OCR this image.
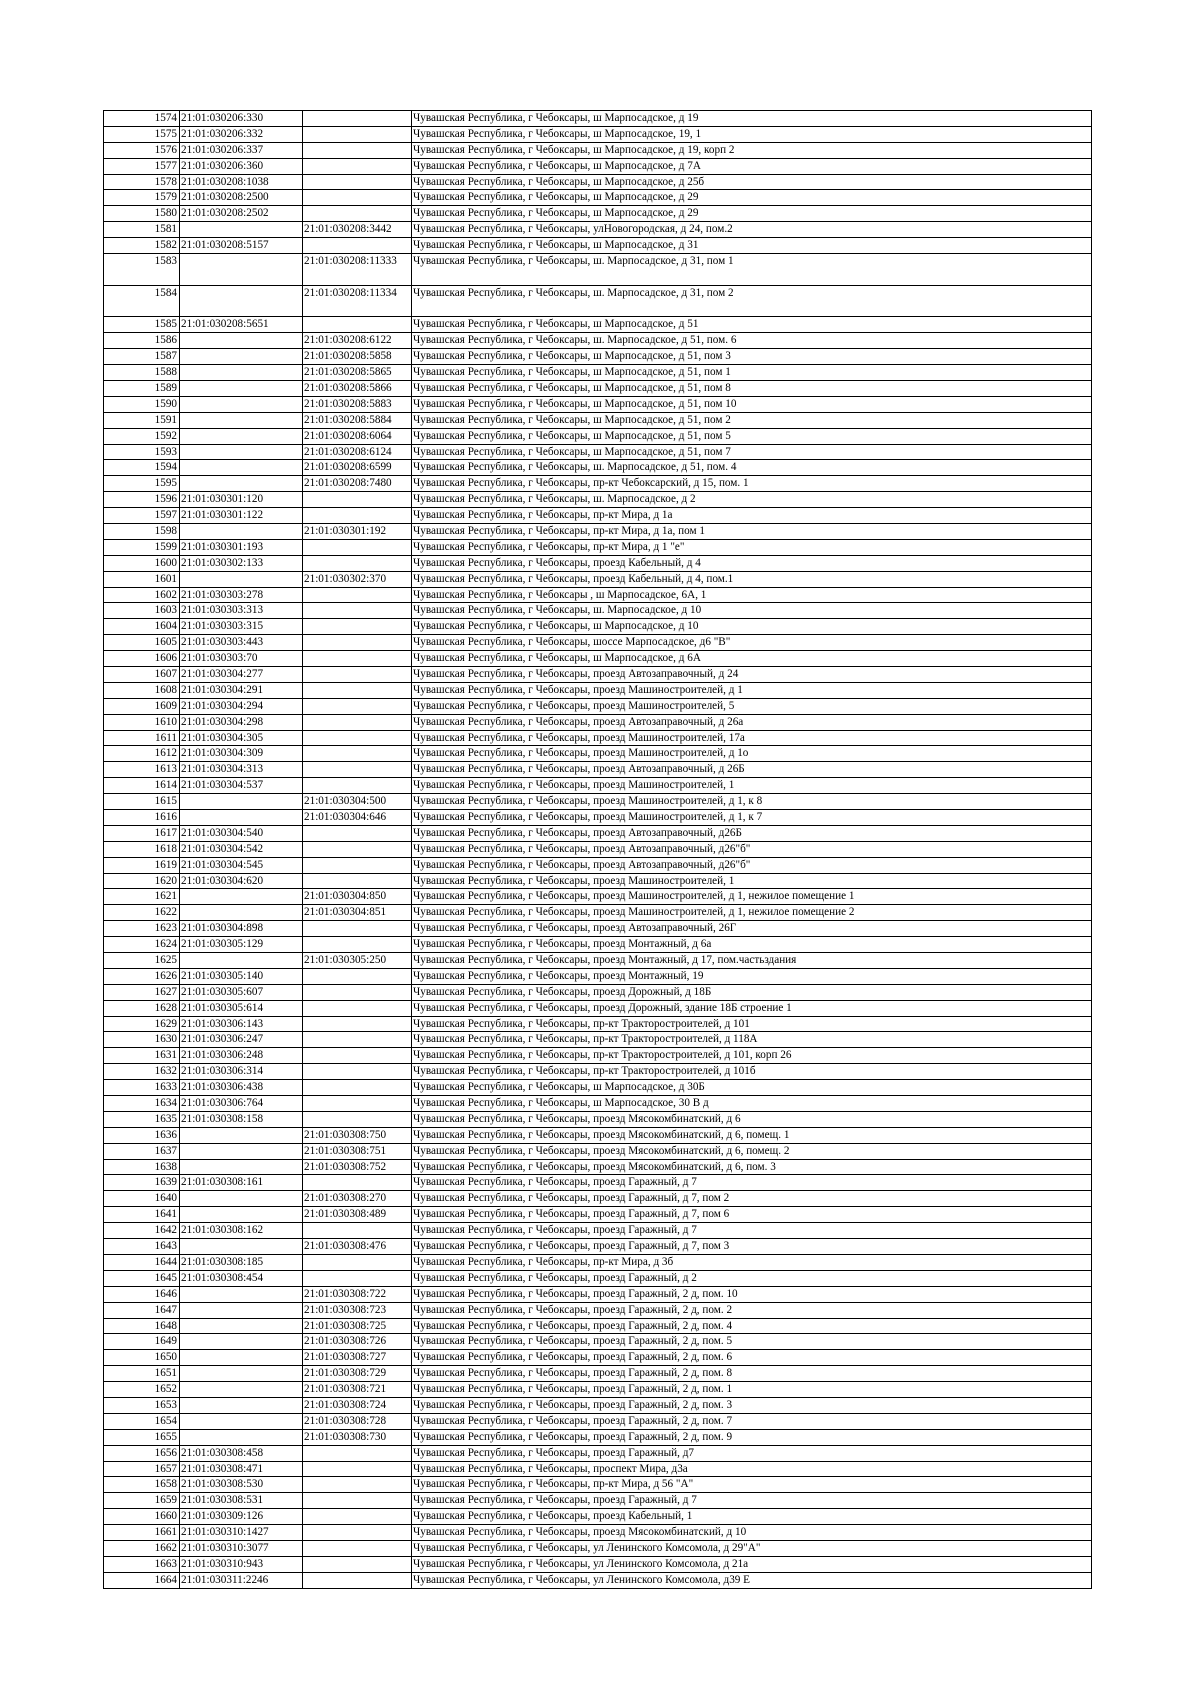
1574	21:01:030206:330		Чувашская Республика, г Чебоксары, ш Марпосадское, д 19
1575	21:01:030206:332		Чувашская Республика, г Чебоксары, ш Марпосадское, 19, 1
1576	21:01:030206:337		Чувашская Республика, г Чебоксары, ш Марпосадское, д 19, корп 2
1577	21:01:030206:360		Чувашская Республика, г Чебоксары, ш Марпосадское, д 7А
1578	21:01:030208:1038		Чувашская Республика, г Чебоксары, ш Марпосадское, д 25б
1579	21:01:030208:2500		Чувашская Республика, г Чебоксары, ш Марпосадское, д 29
1580	21:01:030208:2502		Чувашская Республика, г Чебоксары, ш Марпосадское, д 29
1581		21:01:030208:3442	Чувашская Республика, г Чебоксары, улНовогородская, д 24, пом.2
1582	21:01:030208:5157		Чувашская Республика, г Чебоксары, ш Марпосадское, д 31
1583		21:01:030208:11333	Чувашская Республика, г Чебоксары, ш. Марпосадское, д 31, пом 1
1584		21:01:030208:11334	Чувашская Республика, г Чебоксары, ш. Марпосадское, д 31, пом 2
1585	21:01:030208:5651		Чувашская Республика, г Чебоксары, ш Марпосадское, д 51
1586		21:01:030208:6122	Чувашская Республика, г Чебоксары, ш. Марпосадское, д 51, пом. 6
1587		21:01:030208:5858	Чувашская Республика, г Чебоксары, ш Марпосадское, д 51, пом 3
1588		21:01:030208:5865	Чувашская Республика, г Чебоксары, ш Марпосадское, д 51, пом 1
1589		21:01:030208:5866	Чувашская Республика, г Чебоксары, ш Марпосадское, д 51, пом 8
1590		21:01:030208:5883	Чувашская Республика, г Чебоксары, ш Марпосадское, д 51, пом 10
1591		21:01:030208:5884	Чувашская Республика, г Чебоксары, ш Марпосадское, д 51, пом 2
1592		21:01:030208:6064	Чувашская Республика, г Чебоксары, ш Марпосадское, д 51, пом 5
1593		21:01:030208:6124	Чувашская Республика, г Чебоксары, ш Марпосадское, д 51, пом 7
1594		21:01:030208:6599	Чувашская Республика, г Чебоксары, ш. Марпосадское, д 51, пом. 4
1595		21:01:030208:7480	Чувашская Республика, г Чебоксары, пр-кт Чебоксарский, д 15, пом. 1
1596	21:01:030301:120		Чувашская Республика, г Чебоксары, ш. Марпосадское, д 2
1597	21:01:030301:122		Чувашская Республика, г Чебоксары, пр-кт Мира, д 1а
1598		21:01:030301:192	Чувашская Республика, г Чебоксары, пр-кт Мира, д 1а, пом 1
1599	21:01:030301:193		Чувашская Республика, г Чебоксары, пр-кт Мира, д 1 "е"
1600	21:01:030302:133		Чувашская Республика, г Чебоксары, проезд Кабельный, д 4
1601		21:01:030302:370	Чувашская Республика, г Чебоксары, проезд Кабельный, д 4, пом.1
1602	21:01:030303:278		Чувашская Республика, г Чебоксары , ш Марпосадское, 6А, 1
1603	21:01:030303:313		Чувашская Республика, г Чебоксары, ш. Марпосадское, д 10
1604	21:01:030303:315		Чувашская Республика, г Чебоксары, ш Марпосадское, д 10
1605	21:01:030303:443		Чувашская Республика, г Чебоксары, шоссе Марпосадское, д6 "В"
1606	21:01:030303:70		Чувашская Республика, г Чебоксары, ш Марпосадское, д 6А
1607	21:01:030304:277		Чувашская Республика, г Чебоксары, проезд Автозаправочный, д 24
1608	21:01:030304:291		Чувашская Республика, г Чебоксары, проезд Машиностроителей, д 1
1609	21:01:030304:294		Чувашская Республика, г Чебоксары, проезд Машиностроителей, 5
1610	21:01:030304:298		Чувашская Республика, г Чебоксары, проезд Автозаправочный, д 26а
1611	21:01:030304:305		Чувашская Республика, г Чебоксары, проезд Машиностроителей, 17а
1612	21:01:030304:309		Чувашская Республика, г Чебоксары, проезд Машиностроителей, д 1о
1613	21:01:030304:313		Чувашская Республика, г Чебоксары, проезд Автозаправочный, д 26Б
1614	21:01:030304:537		Чувашская Республика, г Чебоксары, проезд Машиностроителей, 1
1615		21:01:030304:500	Чувашская Республика, г Чебоксары, проезд Машиностроителей, д 1, к 8
1616		21:01:030304:646	Чувашская Республика, г Чебоксары, проезд Машиностроителей, д 1, к 7
1617	21:01:030304:540		Чувашская Республика, г Чебоксары, проезд Автозаправочный, д26Б
1618	21:01:030304:542		Чувашская Республика, г Чебоксары, проезд Автозаправочный, д26"б"
1619	21:01:030304:545		Чувашская Республика, г Чебоксары, проезд Автозаправочный, д26"б"
1620	21:01:030304:620		Чувашская Республика, г Чебоксары, проезд Машиностроителей, 1
1621		21:01:030304:850	Чувашская Республика, г Чебоксары, проезд Машиностроителей, д 1, нежилое помещение 1
1622		21:01:030304:851	Чувашская Республика, г Чебоксары, проезд Машиностроителей, д 1, нежилое помещение 2
1623	21:01:030304:898		Чувашская Республика, г Чебоксары, проезд Автозаправочный, 26Г
1624	21:01:030305:129		Чувашская Республика, г Чебоксары, проезд Монтажный, д 6а
1625		21:01:030305:250	Чувашская Республика, г Чебоксары, проезд Монтажный, д 17, пом.частьздания
1626	21:01:030305:140		Чувашская Республика, г Чебоксары, проезд Монтажный, 19
1627	21:01:030305:607		Чувашская Республика, г Чебоксары, проезд Дорожный, д 18Б
1628	21:01:030305:614		Чувашская Республика, г Чебоксары, проезд Дорожный, здание 18Б строение 1
1629	21:01:030306:143		Чувашская Республика, г Чебоксары, пр-кт Тракторостроителей, д 101
1630	21:01:030306:247		Чувашская Республика, г Чебоксары, пр-кт Тракторостроителей, д 118А
1631	21:01:030306:248		Чувашская Республика, г Чебоксары, пр-кт Тракторостроителей, д 101, корп 26
1632	21:01:030306:314		Чувашская Республика, г Чебоксары, пр-кт Тракторостроителей, д 101б
1633	21:01:030306:438		Чувашская Республика, г Чебоксары, ш Марпосадское, д 30Б
1634	21:01:030306:764		Чувашская Республика, г Чебоксары, ш Марпосадское, 30 В д
1635	21:01:030308:158		Чувашская Республика, г Чебоксары, проезд Мясокомбинатский, д 6
1636		21:01:030308:750	Чувашская Республика, г Чебоксары, проезд Мясокомбинатский, д 6, помещ. 1
1637		21:01:030308:751	Чувашская Республика, г Чебоксары, проезд Мясокомбинатский, д 6, помещ. 2
1638		21:01:030308:752	Чувашская Республика, г Чебоксары, проезд Мясокомбинатский, д 6, пом. 3
1639	21:01:030308:161		Чувашская Республика, г Чебоксары, проезд Гаражный, д 7
1640		21:01:030308:270	Чувашская Республика, г Чебоксары, проезд Гаражный, д 7, пом 2
1641		21:01:030308:489	Чувашская Республика, г Чебоксары, проезд Гаражный, д 7, пом 6
1642	21:01:030308:162		Чувашская Республика, г Чебоксары, проезд Гаражный, д 7
1643		21:01:030308:476	Чувашская Республика, г Чебоксары, проезд Гаражный, д 7, пом 3
1644	21:01:030308:185		Чувашская Республика, г Чебоксары, пр-кт Мира, д 3б
1645	21:01:030308:454		Чувашская Республика, г Чебоксары, проезд Гаражный, д 2
1646		21:01:030308:722	Чувашская Республика, г Чебоксары, проезд Гаражный, 2 д, пом. 10
1647		21:01:030308:723	Чувашская Республика, г Чебоксары, проезд Гаражный, 2 д, пом. 2
1648		21:01:030308:725	Чувашская Республика, г Чебоксары, проезд Гаражный, 2 д, пом. 4
1649		21:01:030308:726	Чувашская Республика, г Чебоксары, проезд Гаражный, 2 д, пом. 5
1650		21:01:030308:727	Чувашская Республика, г Чебоксары, проезд Гаражный, 2 д, пом. 6
1651		21:01:030308:729	Чувашская Республика, г Чебоксары, проезд Гаражный, 2 д, пом. 8
1652		21:01:030308:721	Чувашская Республика, г Чебоксары, проезд Гаражный, 2 д, пом. 1
1653		21:01:030308:724	Чувашская Республика, г Чебоксары, проезд Гаражный, 2 д, пом. 3
1654		21:01:030308:728	Чувашская Республика, г Чебоксары, проезд Гаражный, 2 д, пом. 7
1655		21:01:030308:730	Чувашская Республика, г Чебоксары, проезд Гаражный, 2 д, пом. 9
1656	21:01:030308:458		Чувашская Республика, г Чебоксары, проезд Гаражный, д7
1657	21:01:030308:471		Чувашская Республика, г Чебоксары, проспект Мира, д3а
1658	21:01:030308:530		Чувашская Республика, г Чебоксары, пр-кт Мира, д 56 "А"
1659	21:01:030308:531		Чувашская Республика, г Чебоксары, проезд Гаражный, д 7
1660	21:01:030309:126		Чувашская Республика, г Чебоксары, проезд Кабельный, 1
1661	21:01:030310:1427		Чувашская Республика, г Чебоксары, проезд Мясокомбинатский, д 10
1662	21:01:030310:3077		Чувашская Республика, г Чебоксары, ул Ленинского Комсомола, д 29"А"
1663	21:01:030310:943		Чувашская Республика, г Чебоксары, ул Ленинского Комсомола, д 21а
1664	21:01:030311:2246		Чувашская Республика, г Чебоксары, ул Ленинского Комсомола, д39 Е
